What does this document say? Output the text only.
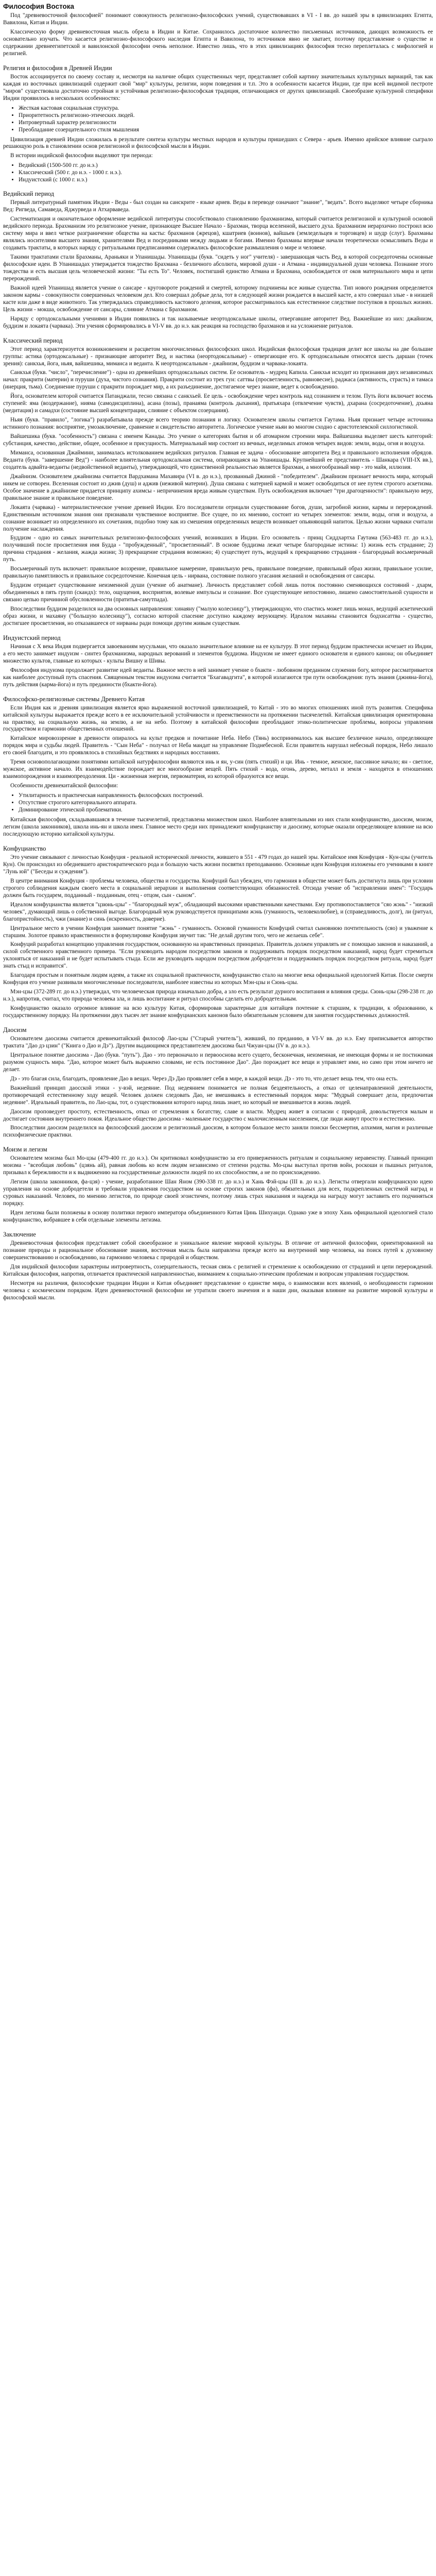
Философия Востока

Под "древневосточной философией" понимают совокупность религиозно-философских учений, существовавших в VI - I вв. до нашей эры в цивилизациях Египта, Вавилона, Китая и Индии.

Классическую форму древневосточная мысль обрела в Индии и Китае. Сохранилось достаточное количество письменных источников, дающих возможность ее основательно изучать. Что касается религиозно-философского наследия Египта и Вавилона, то источников явно не хватает, поэтому представление о существе и содержании древнеегипетской и вавилонской философии очень неполное. Известно лишь, что в этих цивилизациях философия тесно переплеталась с мифологией и религией.

Религия и философия в Древней Индии

Восток ассоциируется по своему составу и, несмотря на наличие общих существенных черт, представляет собой картину значительных культурных вариаций, так как каждая из восточных цивилизаций содержит свой "мир" культуры, религии, норм поведения и т.п. Это в особенности касается Индии, где при всей видимой пестроте "миров" существовала достаточно стройная и устойчивая религиозно-философская традиция, отличающаяся от других цивилизаций. Своеобразие культурной специфики Индии проявилось в нескольких особенностях:

• Жесткая кастовая социальная структура.
• Приоритетность религиозно-этических людей.
• Интровертный характер религиозности
• Преобладание созерцательного стиля мышления

Цивилизация древней Индии сложилась в результате синтеза культуры местных народов и культуры пришедших с Севера - арьев. Именно арийское влияние сыграло решающую роль в становлении основ религиозной и философской мысли в Индии.

В истории индийской философии выделяют три периода:

• Ведийский (1500-500 гг. до н.э.)
• Классический (500 г. до н.э. - 1000 г. н.э.).
• Индуистский (с 1000 г. н.э.)
Ведийский период

Первый литературный памятник Индии - Веды - был создан на санскрите - языке ариев. Веды в переводе означают "знание", "ведать". Всего выделяют четыре сборника Вед: Ригведа, Самаведа, Яджурведа и Атхарваведа.

Систематизация и окончательное оформление ведийской литературы способствовало становлению брахманизма, который считается религиозной и культурной основой ведийского периода. Брахманизм это религиозное учение, признающее Высшее Начало - Брахман, творца вселенной, высшего духа. Брахманизм иерархично построил всю систему мира и ввел четкое разграничение общества на касты: брахманов (жрецов), кшатриев (воинов), вайшьев (земледельцев и торговцев) и шудр (слуг). Брахманы являлись носителями высшего знания, хранителями Вед и посредниками между людьми и богами. Именно брахманы впервые начали теоретически осмысливать Веды и создавать трактаты, в которых наряду с ритуальными предписаниями содержались философские размышления о мире и человеке.

Такими трактатами стали Брахманы, Араньяки и Упанишады. Упанишады (букв. "сидеть у ног" учителя) - завершающая часть Вед, в которой сосредоточены основные философские идеи. В Упанишадах утверждается тождество Брахмана - безличного абсолюта, мировой души - и Атмана - индивидуальной души человека. Познание этого тождества и есть высшая цель человеческой жизни: "Ты есть То". Человек, постигший единство Атмана и Брахмана, освобождается от оков материального мира и цепи перерождений.

Важной идеей Упанишад является учение о сансаре - круговороте рождений и смертей, которому подчинены все живые существа. Тип нового рождения определяется законом кармы - совокупности совершенных человеком дел. Кто совершал добрые дела, тот в следующей жизни рождается в высшей касте, а кто совершал злые - в низшей касте или даже в виде животного. Так утверждалась справедливость кастового деления, которое рассматривалось как естественное следствие поступков в прошлых жизнях. Цель жизни - мокша, освобождение от сансары, слияние Атмана с Брахманом.

Наряду с ортодоксальными учениями в Индии появились и так называемые неортодоксальные школы, отвергавшие авторитет Вед. Важнейшие из них: джайнизм, буддизм и локаята (чарвака). Эти учения сформировались в VI-V вв. до н.э. как реакция на господство брахманов и на усложнение ритуалов.

Классический период

Этот период характеризуется возникновением и расцветом многочисленных философских школ. Индийская философская традиция делит все школы на две большие группы: астика (ортодоксальные) - признающие авторитет Вед, и настика (неортодоксальные) - отвергающие его. К ортодоксальным относятся шесть даршан (точек зрения): санкхья, йога, ньяя, вайшешика, миманса и веданта. К неортодоксальным - джайнизм, буддизм и чарвака-локаята.

Санкхья (букв. "число", "перечисление") - одна из древнейших ортодоксальных систем. Ее основатель - мудрец Капила. Санкхья исходит из признания двух независимых начал: пракрити (материи) и пуруши (духа, чистого сознания). Пракрити состоит из трех гун: саттвы (просветленность, равновесие), раджаса (активность, страсть) и тамаса (инерция, тьма). Соединение пуруши с пракрити порождает мир, а их разъединение, достигаемое через знание, ведет к освобождению.

Йога, основателем которой считается Патанджали, тесно связана с санкхьей. Ее цель - освобождение через контроль над сознанием и телом. Путь йоги включает восемь ступеней: яма (воздержание), нияма (самодисциплина), асана (позы), пранаяма (контроль дыхания), пратьяхара (отвлечение чувств), дхарана (сосредоточение), дхьяна (медитация) и самадхи (состояние высшей концентрации, слияние с объектом созерцания).

Ньяя (букв. "правило", "логика") разрабатывала прежде всего теорию познания и логику. Основателем школы считается Гаутама. Ньяя признает четыре источника истинного познания: восприятие, умозаключение, сравнение и свидетельство авторитета. Логическое учение ньяи во многом сходно с аристотелевской силлогистикой.

Вайшешика (букв. "особенность") связана с именем Канады. Это учение о категориях бытия и об атомарном строении мира. Вайшешика выделяет шесть категорий: субстанция, качество, действие, общее, особенное и присущность. Материальный мир состоит из вечных, неделимых атомов четырех видов: земли, воды, огня и воздуха.

Миманса, основанная Джаймини, занималась истолкованием ведийских ритуалов. Главная ее задача - обоснование авторитета Вед и правильного исполнения обрядов. Веданта (букв. "завершение Вед") - наиболее влиятельная ортодоксальная система, опирающаяся на Упанишады. Крупнейший ее представитель - Шанкара (VIII-IX вв.), создатель адвайта-веданты (недвойственной веданты), утверждающей, что единственной реальностью является Брахман, а многообразный мир - это майя, иллюзия.

Джайнизм. Основателем джайнизма считается Вардхамана Махавира (VI в. до н.э.), прозванный Джиной - "победителем". Джайнизм признает вечность мира, который никем не сотворен. Вселенная состоит из джив (душ) и аджив (неживой материи). Душа связана с материей кармой и может освободиться от нее путем строгого аскетизма. Особое значение в джайнизме придается принципу ахимсы - непричинения вреда живым существам. Путь освобождения включает "три драгоценности": правильную веру, правильное знание и правильное поведение.

Локаята (чарвака) - материалистическое учение древней Индии. Его последователи отрицали существование богов, души, загробной жизни, кармы и перерождений. Единственным источником знания они признавали чувственное восприятие. Все сущее, по их мнению, состоит из четырех элементов: земли, воды, огня и воздуха, а сознание возникает из определенного их сочетания, подобно тому как из смешения определенных веществ возникает опьяняющий напиток. Целью жизни чарваки считали получение наслаждения.

Буддизм - одно из самых значительных религиозно-философских учений, возникших в Индии. Его основатель - принц Сиддхартха Гаутама (563-483 гг. до н.э.), получивший после просветления имя Будда - "пробужденный", "просветленный". В основе буддизма лежат четыре благородные истины: 1) жизнь есть страдание; 2) причина страдания - желания, жажда жизни; 3) прекращение страдания возможно; 4) существует путь, ведущий к прекращению страдания - благородный восьмеричный путь.

Восьмеричный путь включает: правильное воззрение, правильное намерение, правильную речь, правильное поведение, правильный образ жизни, правильное усилие, правильную памятливость и правильное сосредоточение. Конечная цель - нирвана, состояние полного угасания желаний и освобождения от сансары.

Буддизм отрицает существование неизменной души (учение об анатмане). Личность представляет собой лишь поток постоянно сменяющихся состояний - дхарм, объединенных в пять групп (скандх): тело, ощущения, восприятия, волевые импульсы и сознание. Все существующее непостоянно, лишено самостоятельной сущности и связано цепью причинной обусловленности (пратитья-самутпада).

Впоследствии буддизм разделился на два основных направления: хинаяну ("малую колесницу"), утверждающую, что спастись может лишь монах, ведущий аскетический образ жизни, и махаяну ("большую колесницу"), согласно которой спасение доступно каждому верующему. Идеалом махаяны становится бодхисаттва - существо, достигшее просветления, но отказавшееся от нирваны ради помощи другим живым существам.

Индуистский период

Начиная с X века Индия подвергается завоеваниям мусульман, что оказало значительное влияние на ее культуру. В этот период буддизм практически исчезает из Индии, а его место занимает индуизм - синтез брахманизма, народных верований и элементов буддизма. Индуизм не имеет единого основателя и единого канона; он объединяет множество культов, главные из которых - культы Вишну и Шивы.

Философия индуизма продолжает развитие идей веданты. Важное место в ней занимает учение о бхакти - любовном преданном служении богу, которое рассматривается как наиболее доступный путь спасения. Священным текстом индуизма считается "Бхагавадгита", в которой излагаются три пути освобождения: путь знания (джняна-йога), путь действия (карма-йога) и путь преданности (бхакти-йога).

Философско-религиозные системы Древнего Китая

Если Индия как и древняя цивилизация является ярко выраженной восточной цивилизацией, то Китай - это во многих отношениях иной путь развития. Специфика китайской культуры выражается прежде всего в ее исключительной устойчивости и преемственности на протяжении тысячелетий. Китайская цивилизация ориентирована на практику, на социальную жизнь, на землю, а не на небо. Поэтому в китайской философии преобладают этико-политические проблемы, вопросы управления государством и гармонии общественных отношений.

Китайское мировоззрение в древности опиралось на культ предков и почитание Неба. Небо (Тянь) воспринималось как высшее безличное начало, определяющее порядок мира и судьбы людей. Правитель - "Сын Неба" - получал от Неба мандат на управление Поднебесной. Если правитель нарушал небесный порядок, Небо лишало его своей благодати, и это проявлялось в стихийных бедствиях и народных восстаниях.

Тремя основополагающими понятиями китайской натурфилософии являются инь и ян, у-син (пять стихий) и ци. Инь - темное, женское, пассивное начало; ян - светлое, мужское, активное начало. Их взаимодействие порождает все многообразие вещей. Пять стихий - вода, огонь, дерево, металл и земля - находятся в отношениях взаимопорождения и взаимопреодоления. Ци - жизненная энергия, первоматерия, из которой образуются все вещи.

Особенности древнекитайской философии:

• Утилитарность и практическая направленность философских построений.
• Отсутствие строгого категориального аппарата.
• Доминирование этической проблематики.

Китайская философия, складывавшаяся в течение тысячелетий, представлена множеством школ. Наиболее влиятельными из них стали конфуцианство, даосизм, моизм, легизм (школа законников), школа инь-ян и школа имен. Главное место среди них принадлежит конфуцианству и даосизму, которые оказали определяющее влияние на всю последующую историю китайской культуры.

Конфуцианство

Это учение связывают с личностью Конфуция - реальной исторической личности, жившего в 551 - 479 годах до нашей эры. Китайское имя Конфуция - Кун-цзы (учитель Кун). Он происходил из обедневшего аристократического рода и большую часть жизни посвятил преподаванию. Основные идеи Конфуция изложены его учениками в книге "Лунь юй" ("Беседы и суждения").

В центре внимания Конфуция - проблемы человека, общества и государства. Конфуций был убежден, что гармония в обществе может быть достигнута лишь при условии строгого соблюдения каждым своего места в социальной иерархии и выполнения соответствующих обязанностей. Отсюда учение об "исправлении имен": "Государь должен быть государем, подданный - подданным, отец - отцом, сын - сыном".

Идеалом конфуцианства является "цзюнь-цзы" - "благородный муж", обладающий высокими нравственными качествами. Ему противопоставляется "сяо жэнь" - "низкий человек", думающий лишь о собственной выгоде. Благородный муж руководствуется принципами жэнь (гуманность, человеколюбие), и (справедливость, долг), ли (ритуал, благопристойность), чжи (знание) и синь (искренность, доверие).

Центральное место в учении Конфуция занимает понятие "жэнь" - гуманность. Основой гуманности Конфуций считал сыновнюю почтительность (сяо) и уважение к старшим. Золотое правило нравственности в формулировке Конфуция звучит так: "Не делай другим того, чего не желаешь себе".

Конфуций разработал концепцию управления государством, основанную на нравственных принципах. Правитель должен управлять не с помощью законов и наказаний, а силой собственного нравственного примера. "Если руководить народом посредством законов и поддерживать порядок посредством наказаний, народ будет стремиться уклоняться от наказаний и не будет испытывать стыда. Если же руководить народом посредством добродетели и поддерживать порядок посредством ритуала, народ будет знать стыд и исправится".

Благодаря простым и понятным людям идеям, а также их социальной практичности, конфуцианство стало на многие века официальной идеологией Китая. После смерти Конфуция его учение развивали многочисленные последователи, наиболее известны из которых Мэн-цзы и Сюнь-цзы.

Мэн-цзы (372-289 гг. до н.э.) утверждал, что человеческая природа изначально добра, а зло есть результат дурного воспитания и влияния среды. Сюнь-цзы (298-238 гг. до н.э.), напротив, считал, что природа человека зла, и лишь воспитание и ритуал способны сделать его добродетельным.

Конфуцианство оказало огромное влияние на всю культуру Китая, сформировав характерные для китайцев почтение к старшим, к традиции, к образованию, к государственному порядку. На протяжении двух тысяч лет знание конфуцианских канонов было обязательным условием для занятия государственных должностей.

Даосизм

Основателем даосизма считается древнекитайский философ Лао-цзы ("Старый учитель"), живший, по преданию, в VI-V вв. до н.э. Ему приписывается авторство трактата "Дао дэ цзин" ("Книга о Дао и Дэ"). Другим выдающимся представителем даосизма был Чжуан-цзы (IV в. до н.э.).

Центральное понятие даосизма - Дао (букв. "путь"). Дао - это первоначало и первооснова всего сущего, бесконечная, неизменная, не имеющая формы и не постижимая разумом сущность мира. "Дао, которое может быть выражено словами, не есть постоянное Дао". Дао порождает все вещи и управляет ими, но само при этом ничего не делает.

Дэ - это благая сила, благодать, проявление Дао в вещах. Через Дэ Дао проявляет себя в мире, в каждой вещи. Дэ - это то, что делает вещь тем, что она есть.

Важнейший принцип даосской этики - у-вэй, недеяние. Под недеянием понимается не полная бездеятельность, а отказ от целенаправленной деятельности, противоречащей естественному ходу вещей. Человек должен следовать Дао, не вмешиваясь в естественный порядок мира: "Мудрый совершает дела, предпочитая недеяние". Идеальный правитель, по Лао-цзы, тот, о существовании которого народ лишь знает, но который не вмешивается в жизнь людей.

Даосизм проповедует простоту, естественность, отказ от стремления к богатству, славе и власти. Мудрец живет в согласии с природой, довольствуется малым и достигает состояния внутреннего покоя. Идеальное общество даосизма - маленькое государство с малочисленным населением, где люди живут просто и естественно.

Впоследствии даосизм разделился на философский даосизм и религиозный даосизм, в котором большое место заняли поиски бессмертия, алхимия, магия и различные психофизические практики.

Моизм и легизм

Основателем моизма был Мо-цзы (479-400 гг. до н.э.). Он критиковал конфуцианство за его приверженность ритуалам и социальному неравенству. Главный принцип моизма - "всеобщая любовь" (цзянь ай), равная любовь ко всем людям независимо от степени родства. Мо-цзы выступал против войн, роскоши и пышных ритуалов, призывал к бережливости и к выдвижению на государственные должности людей по их способностям, а не по происхождению.

Легизм (школа законников, фа-цзя) - учение, разработанное Шан Яном (390-338 гг. до н.э.) и Хань Фэй-цзы (III в. до н.э.). Легисты отвергали конфуцианскую идею управления на основе добродетели и требовали управления государством на основе строгих законов (фа), обязательных для всех, подкрепленных системой наград и суровых наказаний. Человек, по мнению легистов, по природе своей эгоистичен, поэтому лишь страх наказания и надежда на награду могут заставить его подчиняться порядку.

Идеи легизма были положены в основу политики первого императора объединенного Китая Цинь Шихуанди. Однако уже в эпоху Хань официальной идеологией стало конфуцианство, вобравшее в себя отдельные элементы легизма.

Заключение

Древневосточная философия представляет собой своеобразное и уникальное явление мировой культуры. В отличие от античной философии, ориентированной на познание природы и рациональное обоснование знания, восточная мысль была направлена прежде всего на внутренний мир человека, на поиск путей к духовному совершенствованию и освобождению, на гармонию человека с природой и обществом.

Для индийской философии характерны интровертность, созерцательность, тесная связь с религией и стремление к освобождению от страданий и цепи перерождений. Китайская философия, напротив, отличается практической направленностью, вниманием к социально-этическим проблемам и вопросам управления государством.

Несмотря на различия, философские традиции Индии и Китая объединяет представление о единстве мира, о взаимосвязи всех явлений, о необходимости гармонии человека с космическим порядком. Идеи древневосточной философии не утратили своего значения и в наши дни, оказывая влияние на развитие мировой культуры и философской мысли.
